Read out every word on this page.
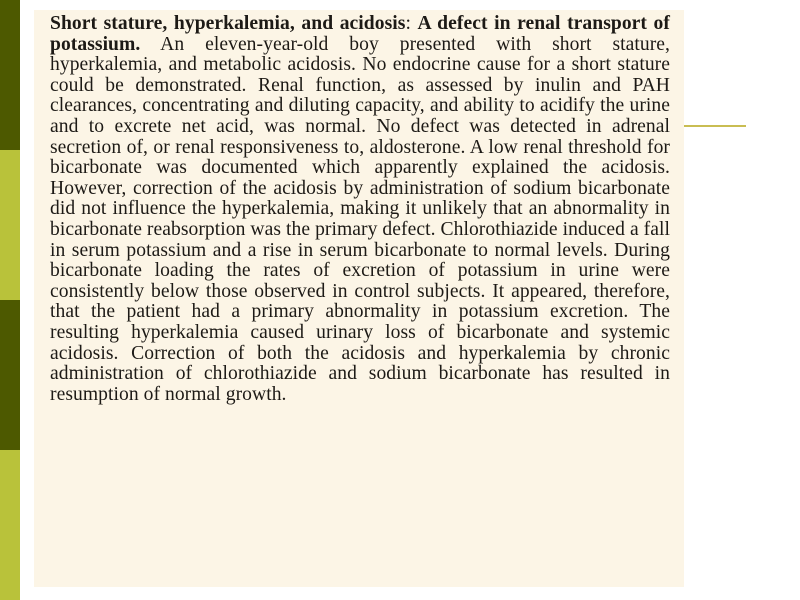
Short stature, hyperkalemia, and acidosis: A defect in renal transport of potassium. An eleven-year-old boy presented with short stature, hyperkalemia, and metabolic acidosis. No endocrine cause for a short stature could be demonstrated. Renal function, as assessed by inulin and PAH clearances, concentrating and diluting capacity, and ability to acidify the urine and to excrete net acid, was normal. No defect was detected in adrenal secretion of, or renal responsiveness to, aldosterone. A low renal threshold for bicarbonate was documented which apparently explained the acidosis. However, correction of the acidosis by administration of sodium bicarbonate did not influence the hyperkalemia, making it unlikely that an abnormality in bicarbonate reabsorption was the primary defect. Chlorothiazide induced a fall in serum potassium and a rise in serum bicarbonate to normal levels. During bicarbonate loading the rates of excretion of potassium in urine were consistently below those observed in control subjects. It appeared, therefore, that the patient had a primary abnormality in potassium excretion. The resulting hyperkalemia caused urinary loss of bicarbonate and systemic acidosis. Correction of both the acidosis and hyperkalemia by chronic administration of chlorothiazide and sodium bicarbonate has resulted in resumption of normal growth.
